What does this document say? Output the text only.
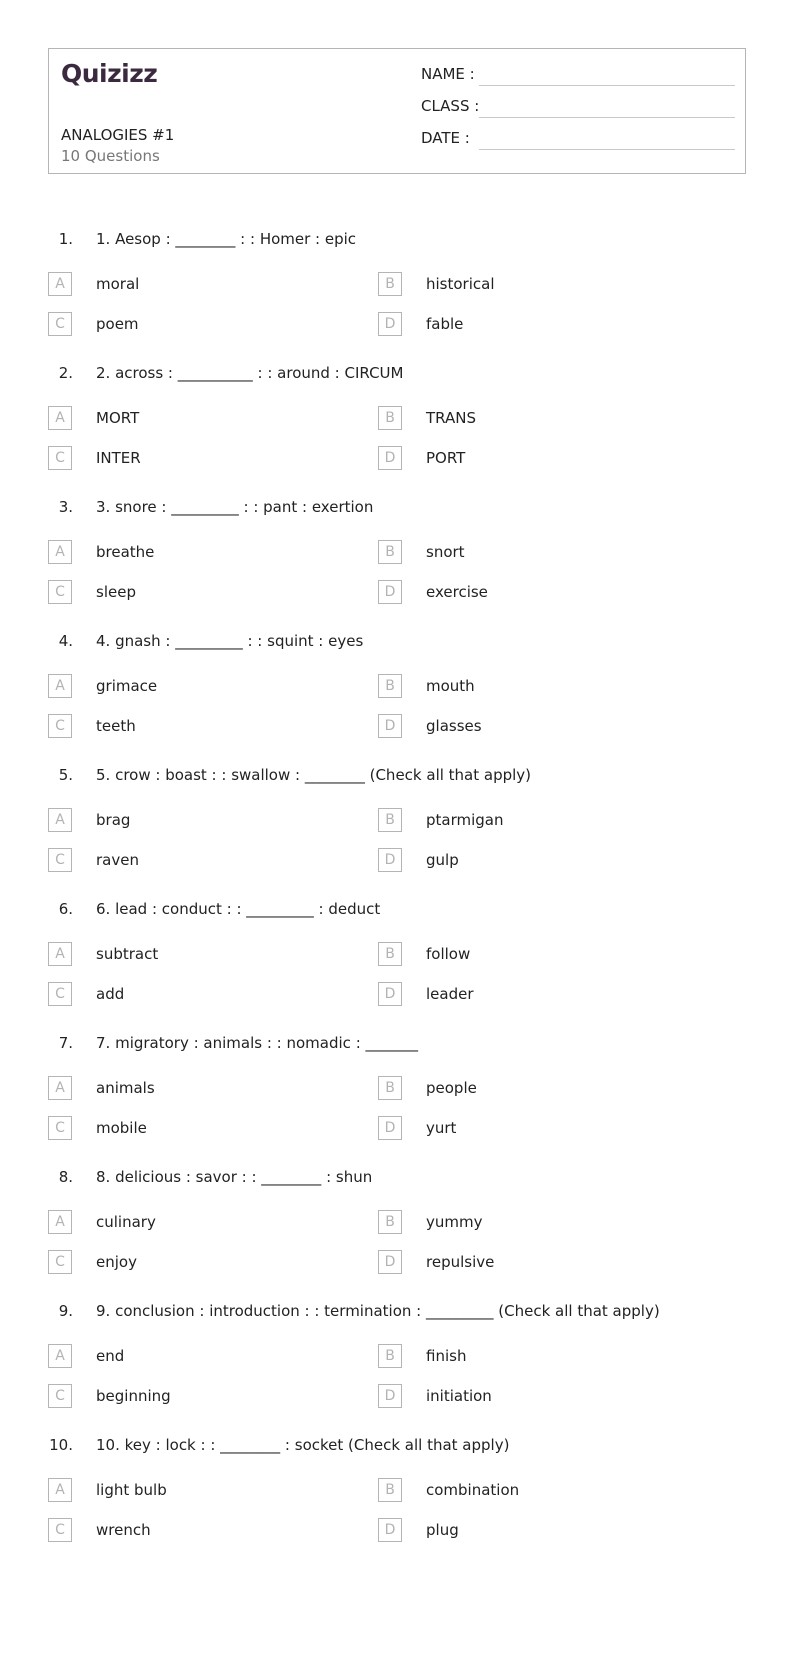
Quizizz
ANALOGIES #1
10 Questions
NAME :
CLASS :
DATE :
1. 1. Aesop : ________ : : Homer : epic
A	moral	B	historical
C	poem	D	fable
2. 2. across : __________ : : around : CIRCUM
A	MORT	B	TRANS
C	INTER	D	PORT
3. 3. snore : _________ : : pant : exertion
A	breathe	B	snort
C	sleep	D	exercise
4. 4. gnash : _________ : : squint : eyes
A	grimace	B	mouth
C	teeth	D	glasses
5. 5. crow : boast : : swallow : ________ (Check all that apply)
A	brag	B	ptarmigan
C	raven	D	gulp
6. 6. lead : conduct : : _________ : deduct
A	subtract	B	follow
C	add	D	leader
7. 7. migratory : animals : : nomadic : _______
A	animals	B	people
C	mobile	D	yurt
8. 8. delicious : savor : : ________ : shun
A	culinary	B	yummy
C	enjoy	D	repulsive
9. 9. conclusion : introduction : : termination : _________ (Check all that apply)
A	end	B	finish
C	beginning	D	initiation
10. 10. key : lock : : ________ : socket (Check all that apply)
A	light bulb	B	combination
C	wrench	D	plug
